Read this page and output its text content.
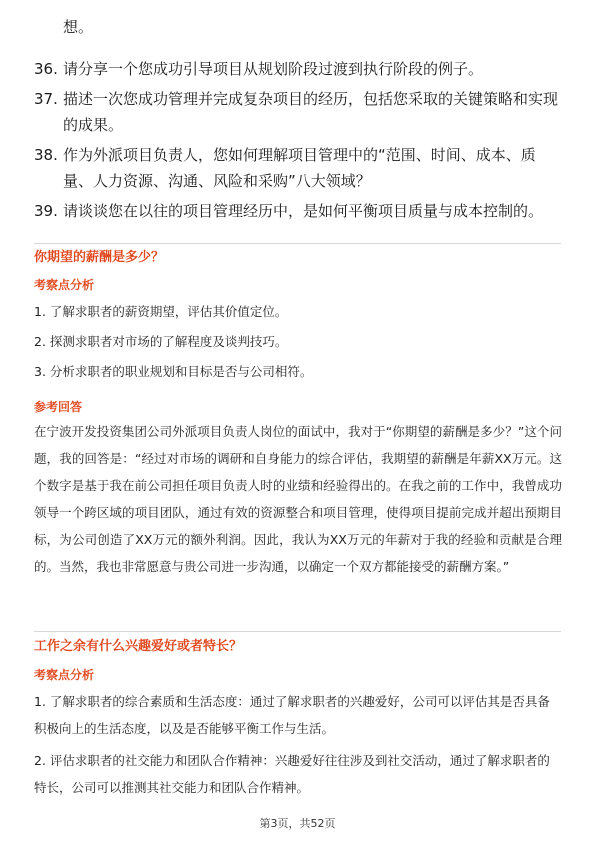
想。
36. 请分享一个您成功引导项目从规划阶段过渡到执行阶段的例子。
37. 描述一次您成功管理并完成复杂项目的经历，包括您采取的关键策略和实现的成果。
38. 作为外派项目负责人，您如何理解项目管理中的“范围、时间、成本、质量、人力资源、沟通、风险和采购”八大领域？
39. 请谈谈您在以往的项目管理经历中，是如何平衡项目质量与成本控制的。
你期望的薪酬是多少？
考察点分析
1. 了解求职者的薪资期望，评估其价值定位。
2. 探测求职者对市场的了解程度及谈判技巧。
3. 分析求职者的职业规划和目标是否与公司相符。
参考回答
在宁波开发投资集团公司外派项目负责人岗位的面试中，我对于“你期望的薪酬是多少？”这个问题，我的回答是：“经过对市场的调研和自身能力的综合评估，我期望的薪酬是年薪XX万元。这个数字是基于我在前公司担任项目负责人时的业绩和经验得出的。在我之前的工作中，我曾成功领导一个跨区域的项目团队，通过有效的资源整合和项目管理，使得项目提前完成并超出预期目标，为公司创造了XX万元的额外利润。因此，我认为XX万元的年薪对于我的经验和贡献是合理的。当然，我也非常愿意与贵公司进一步沟通，以确定一个双方都能接受的薪酬方案。”
工作之余有什么兴趣爱好或者特长？
考察点分析
1. 了解求职者的综合素质和生活态度：通过了解求职者的兴趣爱好，公司可以评估其是否具备积极向上的生活态度，以及是否能够平衡工作与生活。
2. 评估求职者的社交能力和团队合作精神：兴趣爱好往往涉及到社交活动，通过了解求职者的特长，公司可以推测其社交能力和团队合作精神。
第3页，共52页
